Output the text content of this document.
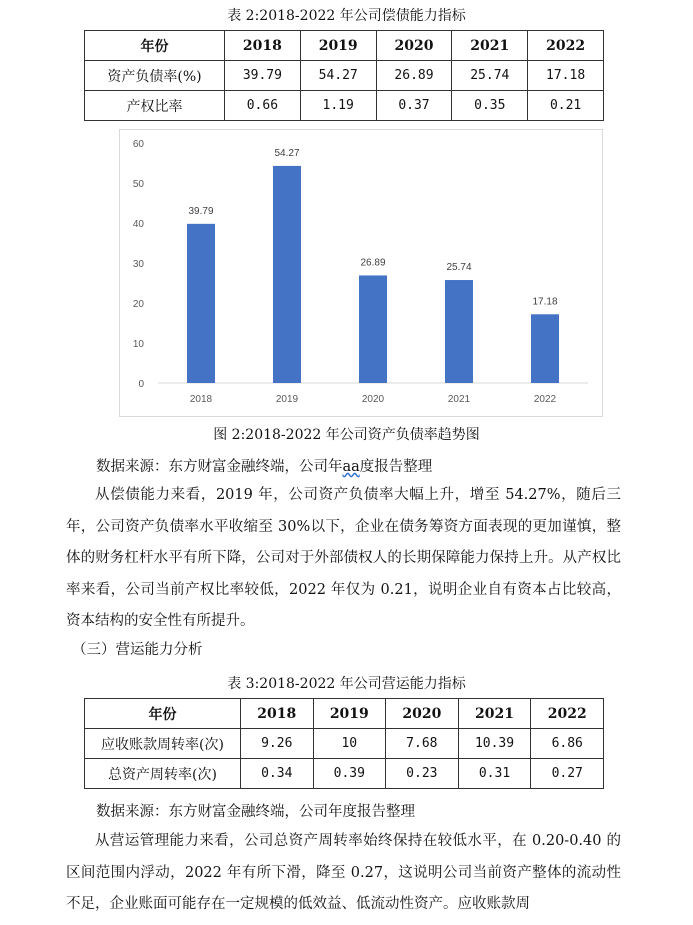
表 2:2018-2022 年公司偿债能力指标
年份	2018	2019	2020	2021	2022
资产负债率(%)	39.79	54.27	26.89	25.74	17.18
产权比率	0.66	1.19	0.37	0.35	0.21
0
10
20
30
40
50
60
39.79
2018
54.27
2019
26.89
2020
25.74
2021
17.18
2022
图 2:2018-2022 年公司资产负债率趋势图
数据来源：东方财富金融终端，公司年aa度报告整理

从偿债能力来看，2019 年，公司资产负债率大幅上升，增至 54.27%，随后三年，公司资产负债率水平收缩至 30%以下，企业在债务筹资方面表现的更加谨慎，整体的财务杠杆水平有所下降，公司对于外部债权人的长期保障能力保持上升。从产权比率来看，公司当前产权比率较低，2022 年仅为 0.21，说明企业自有资本占比较高，资本结构的安全性有所提升。

（三）营运能力分析
表 3:2018-2022 年公司营运能力指标
年份	2018	2019	2020	2021	2022
应收账款周转率(次)	9.26	10	7.68	10.39	6.86
总资产周转率(次)	0.34	0.39	0.23	0.31	0.27
数据来源：东方财富金融终端，公司年度报告整理

从营运管理能力来看，公司总资产周转率始终保持在较低水平，在 0.20-0.40 的区间范围内浮动，2022 年有所下滑，降至 0.27，这说明公司当前资产整体的流动性不足，企业账面可能存在一定规模的低效益、低流动性资产。应收账款周
